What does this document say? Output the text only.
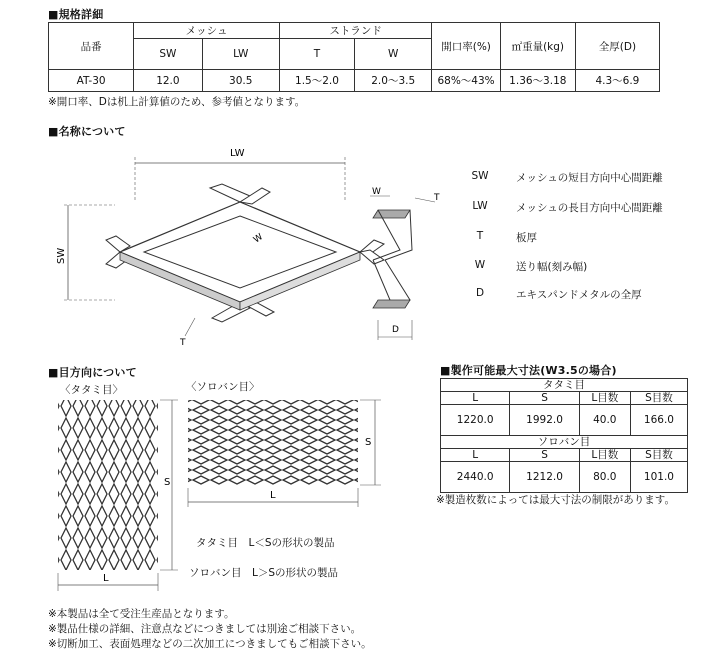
■規格詳細
品番	メッシュ		ストランド		開口率(%)	㎡重量(kg)	全厚(D)
	SW	LW	T	W			
AT-30	12.0	30.5	1.5～2.0	2.0～3.5	68%～43%	1.36～3.18	4.3～6.9
※開口率、Dは机上計算値のため、参考値となります。
■名称について
LW
SW
W
T
W
T
D
SW	メッシュの短目方向中心間距離
LW	メッシュの長目方向中心間距離
T	板厚
W	送り幅(刻み幅)
D	エキスパンドメタルの全厚
■目方向について
〈タタミ目〉	〈ソロバン目〉
S
L
S
L
タタミ目　L＜Sの形状の製品
ソロバン目　L＞Sの形状の製品
■製作可能最大寸法(W3.5の場合)
タタミ目			
L	S	L目数	S目数
1220.0	1992.0	40.0	166.0
ソロバン目			
L	S	L目数	S目数
2440.0	1212.0	80.0	101.0
※製造枚数によっては最大寸法の制限があります。
※本製品は全て受注生産品となります。
※製品仕様の詳細、注意点などにつきましては別途ご相談下さい。
※切断加工、表面処理などの二次加工につきましてもご相談下さい。
